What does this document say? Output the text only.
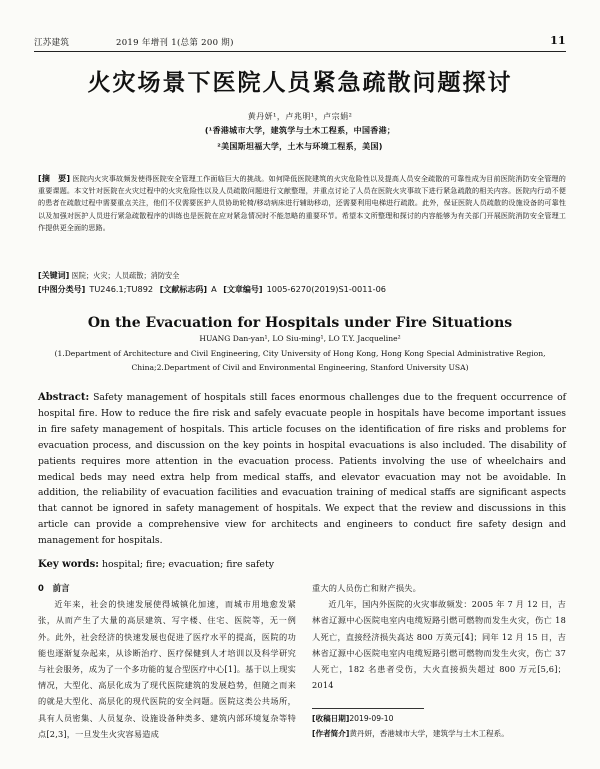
江苏建筑	2019 年增刊 1(总第 200 期)	11
火灾场景下医院人员紧急疏散问题探讨
黄丹妍¹，卢兆明¹，卢宗娟²
(¹香港城市大学，建筑学与土木工程系，中国香港；
²美国斯坦福大学，土木与环境工程系，美国)
[摘　要] 医院内火灾事故频发使得医院安全管理工作面临巨大的挑战。如何降低医院建筑的火灾危险性以及提高人员安全疏散的可靠性成为目前医院消防安全管理的重要课题。本文针对医院在火灾过程中的火灾危险性以及人员疏散问题进行文献整理，并重点讨论了人员在医院火灾事故下进行紧急疏散的相关内容。医院内行动不便的患者在疏散过程中需要重点关注，他们不仅需要医护人员协助轮椅/移动病床进行辅助移动，还需要利用电梯进行疏散。此外，保证医院人员疏散的设施设备的可靠性以及加强对医护人员进行紧急疏散程序的训练也是医院在应对紧急情况时不能忽略的重要环节。希望本文所整理和探讨的内容能够为有关部门开展医院消防安全管理工作提供更全面的思路。
[关键词] 医院；火灾；人员疏散；消防安全
[中图分类号] TU246.1;TU892 [文献标志码] A [文章编号] 1005-6270(2019)S1-0011-06
On the Evacuation for Hospitals under Fire Situations
HUANG Dan-yan¹, LO Siu-ming¹, LO T.Y. Jacqueline²
(1.Department of Architecture and Civil Engineering, City University of Hong Kong, Hong Kong Special Administrative Region,
China;2.Department of Civil and Environmental Engineering, Stanford University USA)
Abstract: Safety management of hospitals still faces enormous challenges due to the frequent occurrence of hospital fire. How to reduce the fire risk and safely evacuate people in hospitals have become important issues in fire safety management of hospitals. This article focuses on the identification of fire risks and problems for evacuation process, and discussion on the key points in hospital evacuations is also included. The disability of patients requires more attention in the evacuation process. Patients involving the use of wheelchairs and medical beds may need extra help from medical staffs, and elevator evacuation may not be avoidable. In addition, the reliability of evacuation facilities and evacuation training of medical staffs are significant aspects that cannot be ignored in safety management of hospitals. We expect that the review and discussions in this article can provide a comprehensive view for architects and engineers to conduct fire safety design and management for hospitals.
Key words: hospital; fire; evacuation; fire safety
0　前言
近年来，社会的快速发展使得城镇化加速，而城市用地愈发紧张，从而产生了大量的高层建筑、写字楼、住宅、医院等，无一例外。此外，社会经济的快速发展也促进了医疗水平的提高，医院的功能也逐渐复杂起来，从诊断治疗、医疗保健到人才培训以及科学研究与社会服务，成为了一个多功能的复合型医疗中心[1]。基于以上现实情况，大型化、高层化成为了现代医院建筑的发展趋势，但随之而来的就是大型化、高层化的现代医院的安全问题。医院这类公共场所，具有人员密集、人员复杂、设施设备种类多、建筑内部环境复杂等特点[2,3]，一旦发生火灾容易造成
重大的人员伤亡和财产损失。
近几年，国内外医院的火灾事故频发：2005 年 7 月 12 日，吉林省辽源中心医院电室内电缆短路引燃可燃物而发生火灾，伤亡 18 人死亡，直接经济损失高达 800 万英元[4]；同年 12 月 15 日，吉林省辽源中心医院电室内电缆短路引燃可燃物而发生火灾，伤亡 37 人死亡，182 名患者受伤，大火直接损失超过 800 万元[5,6]；2014
[收稿日期]2019-09-10
[作者简介]黄丹妍，香港城市大学，建筑学与土木工程系。
